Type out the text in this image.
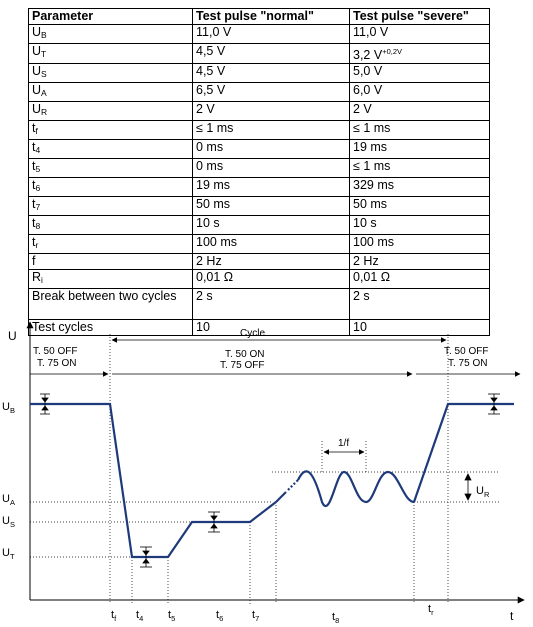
Parameter	Test pulse "normal"	Test pulse "severe"
$U_B$	11,0 V	11,0 V
$U_T$	4,5 V	3,2 $V^{+0,2V}$
$U_S$	4,5 V	5,0 V
$U_A$	6,5 V	6,0 V
$U_R$	2 V	2 V
$t_f$	≤ 1 ms	≤ 1 ms
$t_4$	0 ms	19 ms
$t_5$	0 ms	≤ 1 ms
$t_6$	19 ms	329 ms
$t_7$	50 ms	50 ms
$t_8$	10 s	10 s
$t_r$	100 ms	100 ms
f	2 Hz	2 Hz
$R_i$	0,01 Ω	0,01 Ω
Break between two cycles	2 s	2 s
Test cycles	10	10
U
t
Cycle
T. 50 OFF
T. 75 ON
T. 50 ON
T. 75 OFF
T. 50 OFF
T. 75 ON
1/f
$U_B$
$U_A$
$U_S$
$U_T$
$U_R$
$t_f$ $t_4$ $t_5$	$t_6$	$t_7$	$t_8$
$t_r$
